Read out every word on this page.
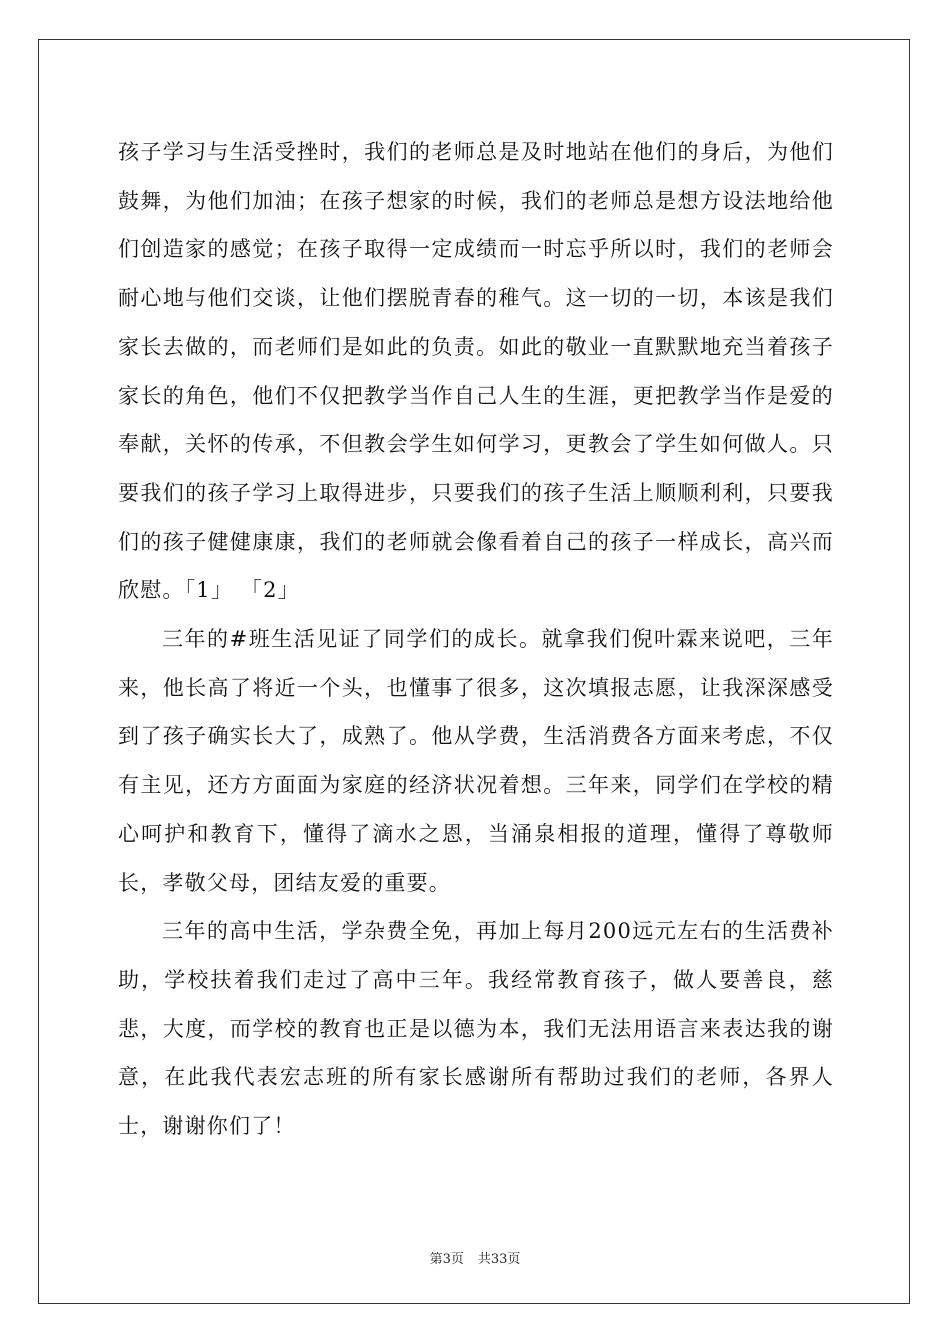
孩子学习与生活受挫时，我们的老师总是及时地站在他们的身后，为他们鼓舞，为他们加油；在孩子想家的时候，我们的老师总是想方设法地给他们创造家的感觉；在孩子取得一定成绩而一时忘乎所以时，我们的老师会耐心地与他们交谈，让他们摆脱青春的稚气。这一切的一切，本该是我们家长去做的，而老师们是如此的负责。如此的敬业一直默默地充当着孩子家长的角色，他们不仅把教学当作自己人生的生涯，更把教学当作是爱的奉献，关怀的传承，不但教会学生如何学习，更教会了学生如何做人。只要我们的孩子学习上取得进步，只要我们的孩子生活上顺顺利利，只要我们的孩子健健康康，我们的老师就会像看着自己的孩子一样成长，高兴而欣慰。「1」 「2」

三年的#班生活见证了同学们的成长。就拿我们倪叶霖来说吧，三年来，他长高了将近一个头，也懂事了很多，这次填报志愿，让我深深感受到了孩子确实长大了，成熟了。他从学费，生活消费各方面来考虑，不仅有主见，还方方面面为家庭的经济状况着想。三年来，同学们在学校的精心呵护和教育下，懂得了滴水之恩，当涌泉相报的道理，懂得了尊敬师长，孝敬父母，团结友爱的重要。

三年的高中生活，学杂费全免，再加上每月200远元左右的生活费补助，学校扶着我们走过了高中三年。我经常教育孩子，做人要善良，慈悲，大度，而学校的教育也正是以德为本，我们无法用语言来表达我的谢意，在此我代表宏志班的所有家长感谢所有帮助过我们的老师，各界人士，谢谢你们了！

第3页 共33页
